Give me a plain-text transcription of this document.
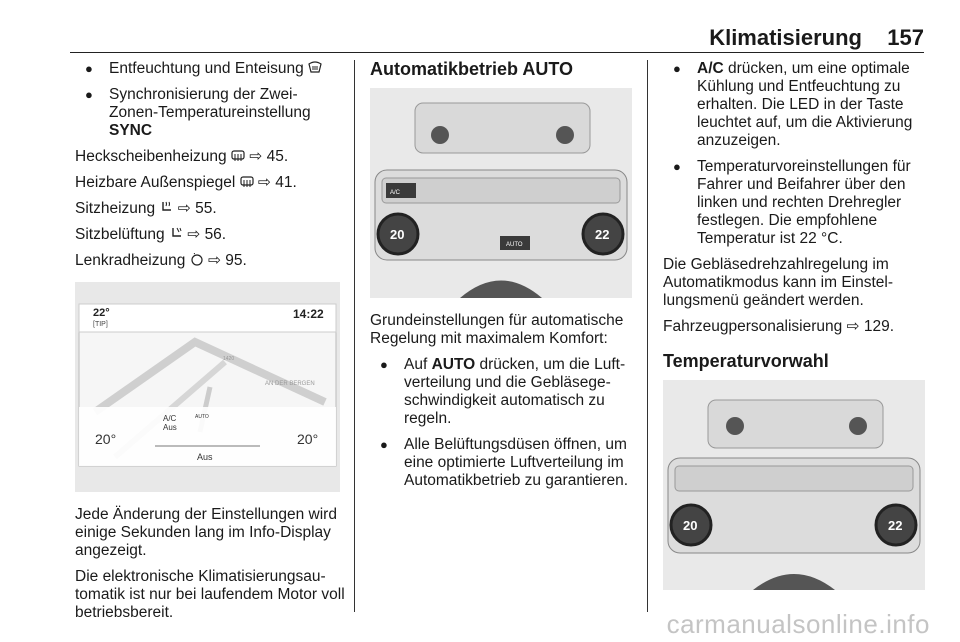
Klimatisierung 157
● Entfeuchtung und Enteisung
● Synchronisierung der Zwei-
Zonen-Temperatureinstellung
SYNC
Heckscheibenheizung ⇨ 45.
Heizbare Außenspiegel ⇨ 41.
Sitzheizung ⇨ 55.
Sitzbelüftung ⇨ 56.
Lenkradheizung ⇨ 95.
22°
[TIP]
14:22
AN DER BERGEN
1420
A/C
Aus
AUTO
20°	20°
Aus
Jede Änderung der Einstellungen wird einige Sekunden lang im Info-Display angezeigt.
Die elektronische Klimatisierungsau-tomatik ist nur bei laufendem Motor voll betriebsbereit.
Automatikbetrieb AUTO
A/C
20	22
AUTO
Grundeinstellungen für automatische Regelung mit maximalem Komfort:
● Auf AUTO drücken, um die Luft-verteilung und die Gebläsege-schwindigkeit automatisch zu regeln.
● Alle Belüftungsdüsen öffnen, um eine optimierte Luftverteilung im Automatikbetrieb zu garantieren.
● A/C drücken, um eine optimale Kühlung und Entfeuchtung zu erhalten. Die LED in der Taste leuchtet auf, um die Aktivierung anzuzeigen.
● Temperaturvoreinstellungen für Fahrer und Beifahrer über den linken und rechten Drehregler festlegen. Die empfohlene Temperatur ist 22 °C.
Die Gebläsedrehzahlregelung im Automatikmodus kann im Einstel-lungsmenü geändert werden.
Fahrzeugpersonalisierung ⇨ 129.
Temperaturvorwahl
20	22
carmanualsonline.info
